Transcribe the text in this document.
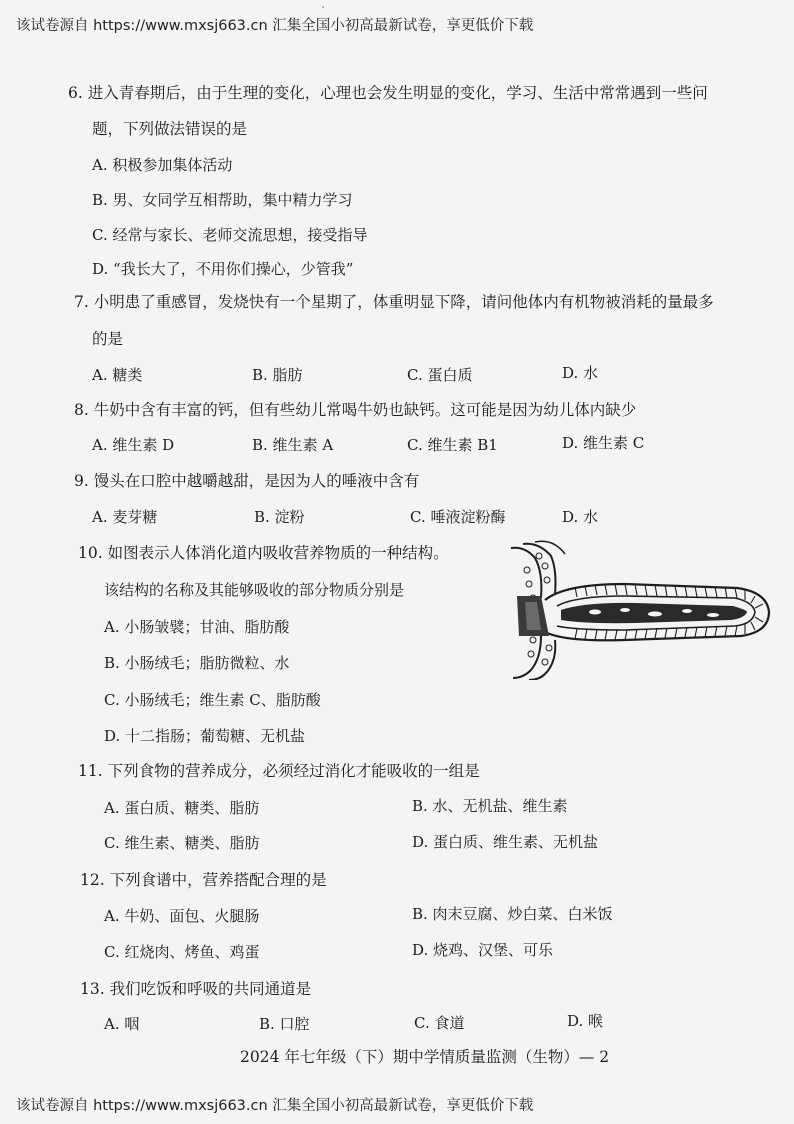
该试卷源自 https://www.mxsj663.cn 汇集全国小初高最新试卷，享更低价下载
6. 进入青春期后，由于生理的变化，心理也会发生明显的变化，学习、生活中常常遇到一些问
题，下列做法错误的是
A. 积极参加集体活动
B. 男、女同学互相帮助，集中精力学习
C. 经常与家长、老师交流思想，接受指导
D. “我长大了，不用你们操心，少管我”
7. 小明患了重感冒，发烧快有一个星期了，体重明显下降，请问他体内有机物被消耗的量最多
的是
A. 糖类	B. 脂肪	C. 蛋白质	D. 水
8. 牛奶中含有丰富的钙，但有些幼儿常喝牛奶也缺钙。这可能是因为幼儿体内缺少
A. 维生素 D	B. 维生素 A	C. 维生素 B1	D. 维生素 C
9. 馒头在口腔中越嚼越甜，是因为人的唾液中含有
A. 麦芽糖	B. 淀粉	C. 唾液淀粉酶	D. 水
10. 如图表示人体消化道内吸收营养物质的一种结构。
该结构的名称及其能够吸收的部分物质分别是
A. 小肠皱襞；甘油、脂肪酸
B. 小肠绒毛；脂肪微粒、水
C. 小肠绒毛；维生素 C、脂肪酸
D. 十二指肠；葡萄糖、无机盐
11. 下列食物的营养成分，必须经过消化才能吸收的一组是
A. 蛋白质、糖类、脂肪	B. 水、无机盐、维生素
C. 维生素、糖类、脂肪	D. 蛋白质、维生素、无机盐
12. 下列食谱中，营养搭配合理的是
A. 牛奶、面包、火腿肠	B. 肉末豆腐、炒白菜、白米饭
C. 红烧肉、烤鱼、鸡蛋	D. 烧鸡、汉堡、可乐
13. 我们吃饭和呼吸的共同通道是
A. 咽	B. 口腔	C. 食道	D. 喉
2024 年七年级（下）期中学情质量监测（生物）— 2
该试卷源自 https://www.mxsj663.cn 汇集全国小初高最新试卷，享更低价下载
